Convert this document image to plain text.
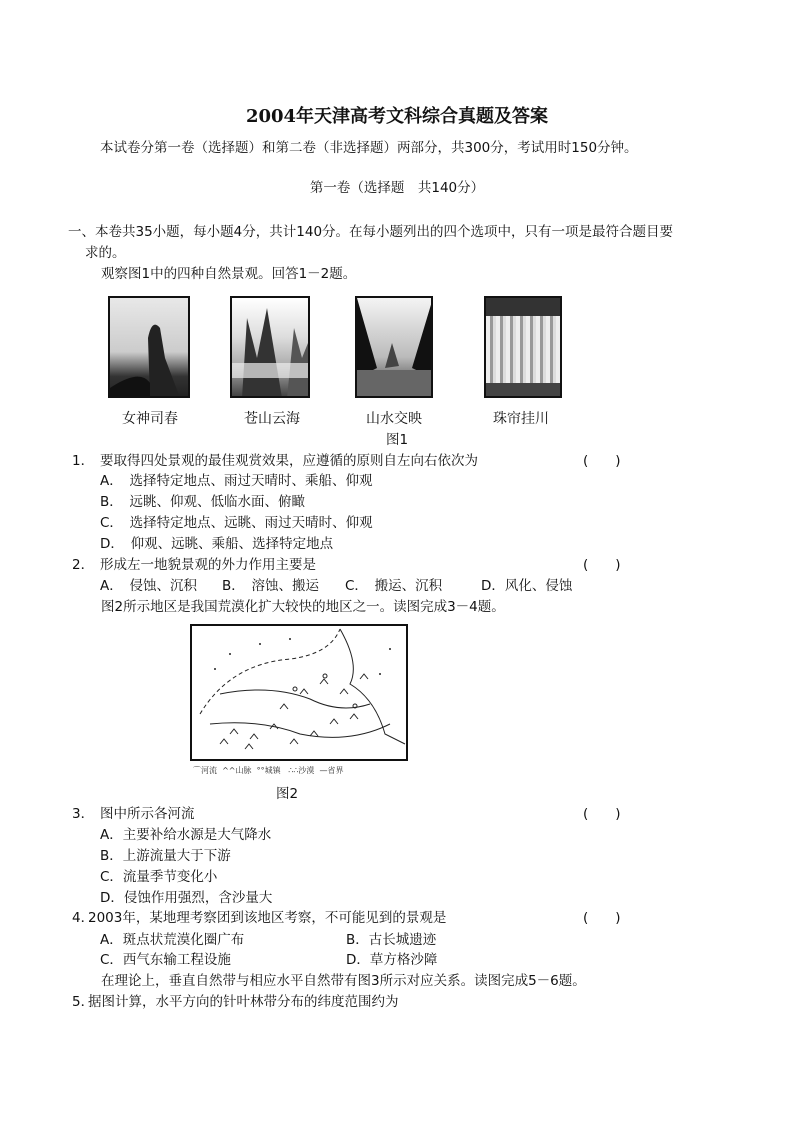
2004年天津高考文科综合真题及答案
本试卷分第一卷（选择题）和第二卷（非选择题）两部分，共300分，考试用时150分钟。
第一卷（选择题　共140分）
一、本卷共35小题，每小题4分，共计140分。在每小题列出的四个选项中，只有一项是最符合题目要
求的。
观察图1中的四种自然景观。回答1－2题。
女神司春	苍山云海	山水交映	珠帘挂川
图1
1． 要取得四处景观的最佳观赏效果，应遵循的原则自左向右依次为	(　　)
A．　选择特定地点、雨过天晴时、乘船、仰观
B．　远眺、仰观、低临水面、俯瞰
C．　选择特定地点、远眺、雨过天晴时、仰观
D．　仰观、远眺、乘船、选择特定地点
2． 形成左一地貌景观的外力作用主要是	(　　)
A．　侵蚀、沉积 B．　溶蚀、搬运 C．　搬运、沉积	D．风化、侵蚀
图2所示地区是我国荒漠化扩大较快的地区之一。读图完成3－4题。
⌒河流 ^^山脉 °°城镇 ∴∴沙漠 —省界
图2
3． 图中所示各河流	(　　)
A．主要补给水源是大气降水
B．上游流量大于下游
C．流量季节变化小
D．侵蚀作用强烈，含沙量大
4．
2003年，某地理考察团到该地区考察，不可能见到的景观是	(　　)
A．斑点状荒漠化圈广布	B．古长城遗迹
C．西气东输工程设施	D．草方格沙障
在理论上，垂直自然带与相应水平自然带有图3所示对应关系。读图完成5－6题。
5．
据图计算，水平方向的针叶林带分布的纬度范围约为
